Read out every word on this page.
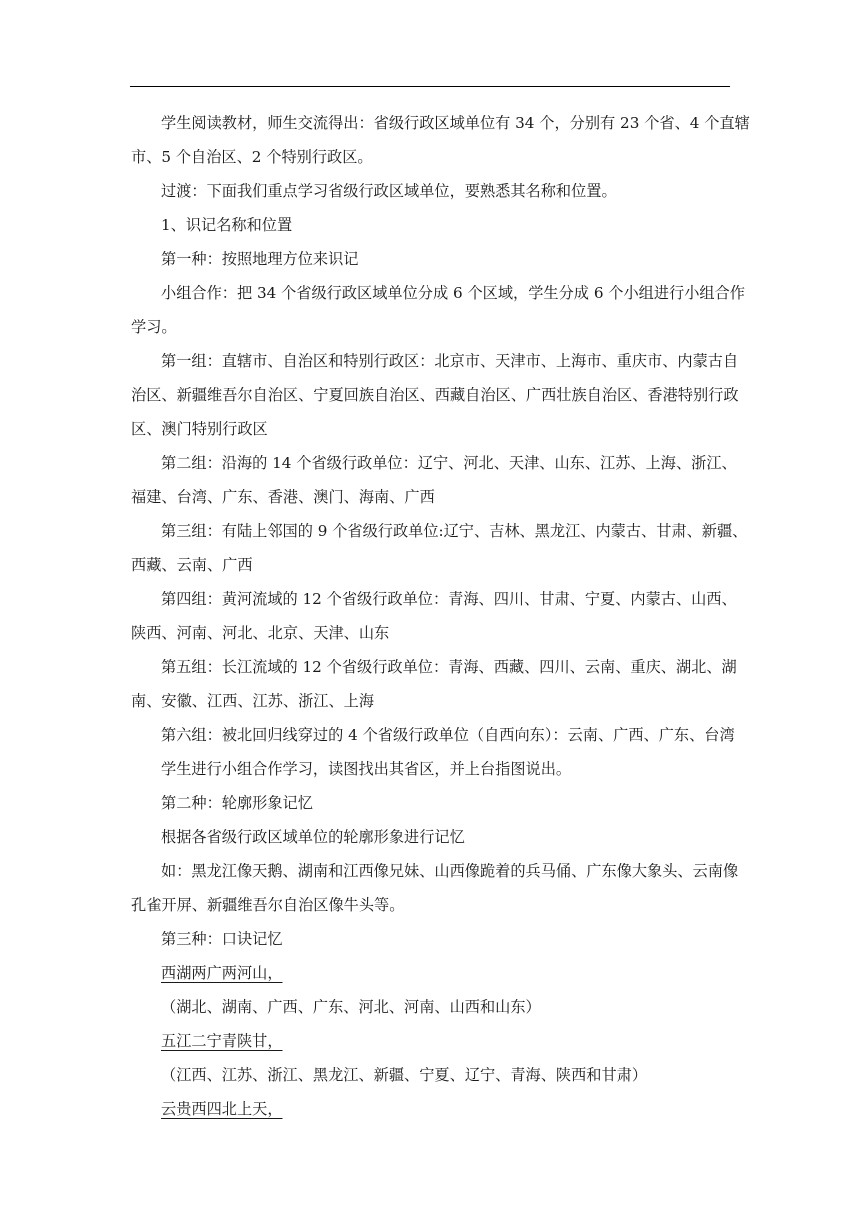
学生阅读教材，师生交流得出：省级行政区域单位有 34 个，分别有 23 个省、4 个直辖
市、5 个自治区、2 个特别行政区。
过渡：下面我们重点学习省级行政区域单位，要熟悉其名称和位置。
1、识记名称和位置
第一种：按照地理方位来识记
小组合作：把 34 个省级行政区域单位分成 6 个区域，学生分成 6 个小组进行小组合作
学习。
第一组：直辖市、自治区和特别行政区：北京市、天津市、上海市、重庆市、内蒙古自
治区、新疆维吾尔自治区、宁夏回族自治区、西藏自治区、广西壮族自治区、香港特别行政
区、澳门特别行政区
第二组：沿海的 14 个省级行政单位：辽宁、河北、天津、山东、江苏、上海、浙江、
福建、台湾、广东、香港、澳门、海南、广西
第三组：有陆上邻国的 9 个省级行政单位:辽宁、吉林、黑龙江、内蒙古、甘肃、新疆、
西藏、云南、广西
第四组：黄河流域的 12 个省级行政单位：青海、四川、甘肃、宁夏、内蒙古、山西、
陕西、河南、河北、北京、天津、山东
第五组：长江流域的 12 个省级行政单位：青海、西藏、四川、云南、重庆、湖北、湖
南、安徽、江西、江苏、浙江、上海
第六组：被北回归线穿过的 4 个省级行政单位（自西向东）：云南、广西、广东、台湾
学生进行小组合作学习，读图找出其省区，并上台指图说出。
第二种：轮廓形象记忆
根据各省级行政区域单位的轮廓形象进行记忆
如：黑龙江像天鹅、湖南和江西像兄妹、山西像跪着的兵马俑、广东像大象头、云南像
孔雀开屏、新疆维吾尔自治区像牛头等。
第三种：口诀记忆
西湖两广两河山，
（湖北、湖南、广西、广东、河北、河南、山西和山东）
五江二宁青陕甘，
（江西、江苏、浙江、黑龙江、新疆、宁夏、辽宁、青海、陕西和甘肃）
云贵西四北上天，
